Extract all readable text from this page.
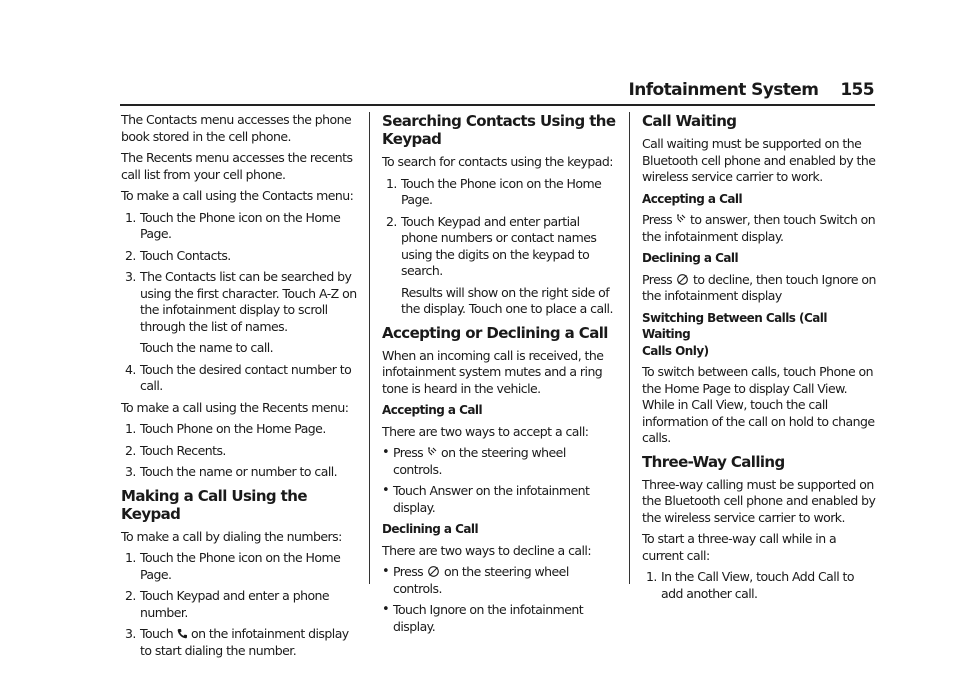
Infotainment System 155

The Contacts menu accesses the phone book stored in the cell phone.

The Recents menu accesses the recents call list from your cell phone.

To make a call using the Contacts menu:

1. Touch the Phone icon on the Home Page.
2. Touch Contacts.
3. The Contacts list can be searched by using the first character. Touch A-Z on the infotainment display to scroll through the list of names.
Touch the name to call.
4. Touch the desired contact number to call.

To make a call using the Recents menu:

1. Touch Phone on the Home Page.
2. Touch Recents.
3. Touch the name or number to call.
Making a Call Using the Keypad

To make a call by dialing the numbers:

1. Touch the Phone icon on the Home Page.
2. Touch Keypad and enter a phone number.
3. Touch on the infotainment display to start dialing the number.
Searching Contacts Using the Keypad

To search for contacts using the keypad:

1. Touch the Phone icon on the Home Page.
2. Touch Keypad and enter partial phone numbers or contact names using the digits on the keypad to search.
Results will show on the right side of the display. Touch one to place a call.
Accepting or Declining a Call

When an incoming call is received, the infotainment system mutes and a ring tone is heard in the vehicle.

Accepting a Call

There are two ways to accept a call:

• Press on the steering wheel controls.
• Touch Answer on the infotainment display.
Declining a Call

There are two ways to decline a call:

• Press on the steering wheel controls.
• Touch Ignore on the infotainment display.
Call Waiting

Call waiting must be supported on the Bluetooth cell phone and enabled by the wireless service carrier to work.

Accepting a Call

Press to answer, then touch Switch on the infotainment display.

Declining a Call

Press to decline, then touch Ignore on the infotainment display

Switching Between Calls (Call Waiting
Calls Only)

To switch between calls, touch Phone on the Home Page to display Call View. While in Call View, touch the call information of the call on hold to change calls.

Three-Way Calling

Three-way calling must be supported on the Bluetooth cell phone and enabled by the wireless service carrier to work.

To start a three-way call while in a current call:

1. In the Call View, touch Add Call to add another call.
